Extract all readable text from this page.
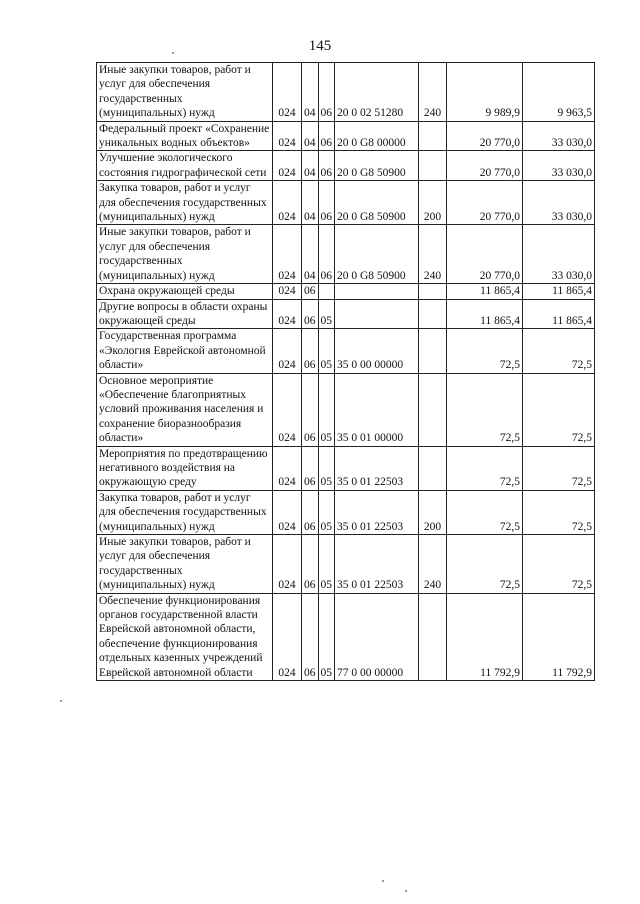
145
Иные закупки товаров, работ и услуг для обеспечения государственных (муниципальных) нужд	024	04	06	20 0 02 51280	240	9 989,9	9 963,5
Федеральный проект «Сохранение уникальных водных объектов»	024	04	06	20 0 G8 00000		20 770,0	33 030,0
Улучшение экологического состояния гидрографической сети	024	04	06	20 0 G8 50900		20 770,0	33 030,0
Закупка товаров, работ и услуг для обеспечения государственных (муниципальных) нужд	024	04	06	20 0 G8 50900	200	20 770,0	33 030,0
Иные закупки товаров, работ и услуг для обеспечения государственных (муниципальных) нужд	024	04	06	20 0 G8 50900	240	20 770,0	33 030,0
Охрана окружающей среды	024	06				11 865,4	11 865,4
Другие вопросы в области охраны окружающей среды	024	06	05			11 865,4	11 865,4
Государственная программа «Экология Еврейской автономной области»	024	06	05	35 0 00 00000		72,5	72,5
Основное мероприятие «Обеспечение благоприятных условий проживания населения и сохранение биоразнообразия области»	024	06	05	35 0 01 00000		72,5	72,5
Мероприятия по предотвращению негативного воздействия на окружающую среду	024	06	05	35 0 01 22503		72,5	72,5
Закупка товаров, работ и услуг для обеспечения государственных (муниципальных) нужд	024	06	05	35 0 01 22503	200	72,5	72,5
Иные закупки товаров, работ и услуг для обеспечения государственных (муниципальных) нужд	024	06	05	35 0 01 22503	240	72,5	72,5
Обеспечение функционирования органов государственной власти Еврейской автономной области, обеспечение функционирования отдельных казенных учреждений Еврейской автономной области	024	06	05	77 0 00 00000		11 792,9	11 792,9
